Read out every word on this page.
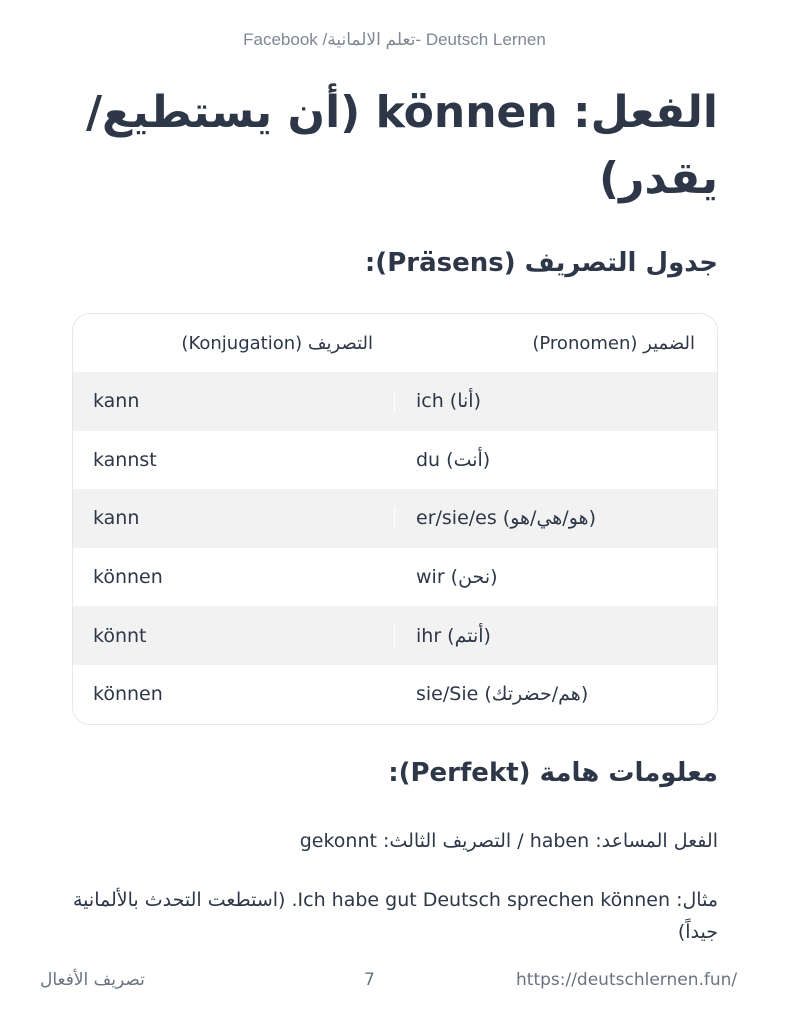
Facebook /تعلم الالمانية- Deutsch Lernen
الفعل: können (أن يستطيع/ يقدر)
جدول التصريف (Präsens):
التصريف (Konjugation)	الضمير (Pronomen)
kann	ich (أنا)
kannst	du (أنت)
kann	er/sie/es (هو/هي/هو)
können	wir (نحن)
könnt	ihr (أنتم)
können	sie/Sie (هم/حضرتك)
معلومات هامة (Perfekt):

الفعل المساعد: haben / التصريف الثالث: gekonnt

مثال: Ich habe gut Deutsch sprechen können. (استطعت التحدث بالألمانية جيداً)

تصريف الأفعال	7	https://deutschlernen.fun/
